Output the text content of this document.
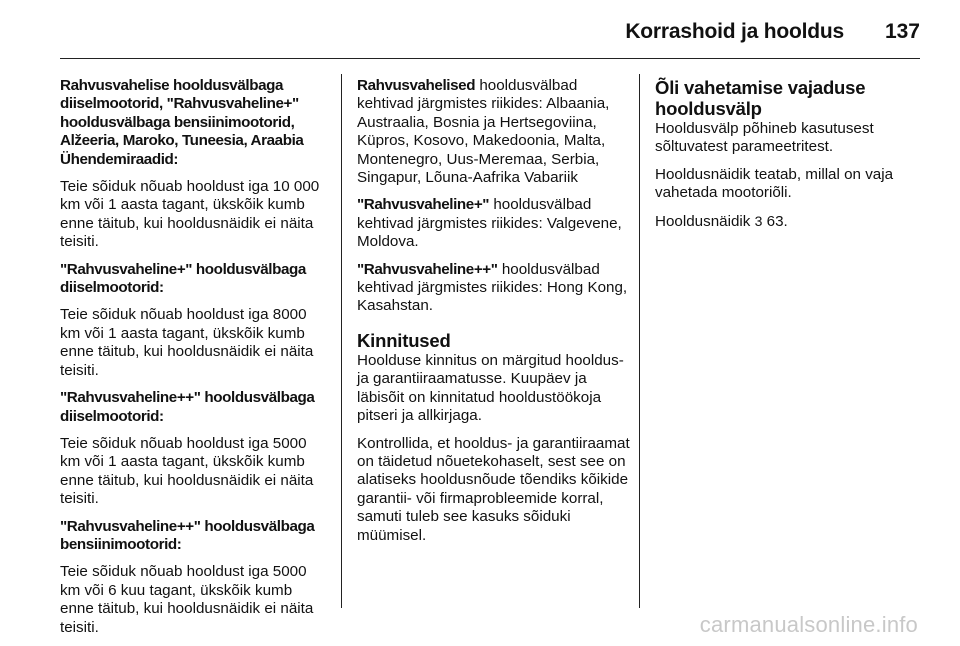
Korrashoid ja hooldus 137
Rahvusvahelise hooldusvälbaga diiselmootorid, "Rahvusvaheline+" hooldusvälbaga bensiinimootorid, Alžeeria, Maroko, Tuneesia, Araabia Ühendemiraadid:

Teie sõiduk nõuab hooldust iga 10 000 km või 1 aasta tagant, ükskõik kumb enne täitub, kui hooldusnäidik ei näita teisiti.

"Rahvusvaheline+" hooldusvälbaga diiselmootorid:

Teie sõiduk nõuab hooldust iga 8000 km või 1 aasta tagant, ükskõik kumb enne täitub, kui hooldusnäidik ei näita teisiti.

"Rahvusvaheline++" hooldusvälbaga diiselmootorid:

Teie sõiduk nõuab hooldust iga 5000 km või 1 aasta tagant, ükskõik kumb enne täitub, kui hooldusnäidik ei näita teisiti.

"Rahvusvaheline++" hooldusvälbaga bensiinimootorid:

Teie sõiduk nõuab hooldust iga 5000 km või 6 kuu tagant, ükskõik kumb enne täitub, kui hooldusnäidik ei näita teisiti.

Rahvusvahelised hooldusvälbad kehtivad järgmistes riikides: Albaania, Austraalia, Bosnia ja Hertsegoviina, Küpros, Kosovo, Makedoonia, Malta, Montenegro, Uus-Meremaa, Serbia, Singapur, Lõuna-Aafrika Vabariik

"Rahvusvaheline+" hooldusvälbad kehtivad järgmistes riikides: Valgevene, Moldova.

"Rahvusvaheline++" hooldusvälbad kehtivad järgmistes riikides: Hong Kong, Kasahstan.

Kinnitused

Hoolduse kinnitus on märgitud hooldus-ja garantiiraamatusse. Kuupäev ja läbisõit on kinnitatud hooldustöökoja pitseri ja allkirjaga.

Kontrollida, et hooldus- ja garantiiraamat on täidetud nõuetekohaselt, sest see on alatiseks hooldusnõude tõendiks kõikide garantii- või firmaprobleemide korral, samuti tuleb see kasuks sõiduki müümisel.

Õli vahetamise vajaduse hooldusvälp

Hooldusvälp põhineb kasutusest sõltuvatest parameetritest.

Hooldusnäidik teatab, millal on vaja vahetada mootoriõli.

Hooldusnäidik 3 63.

carmanualsonline.info
